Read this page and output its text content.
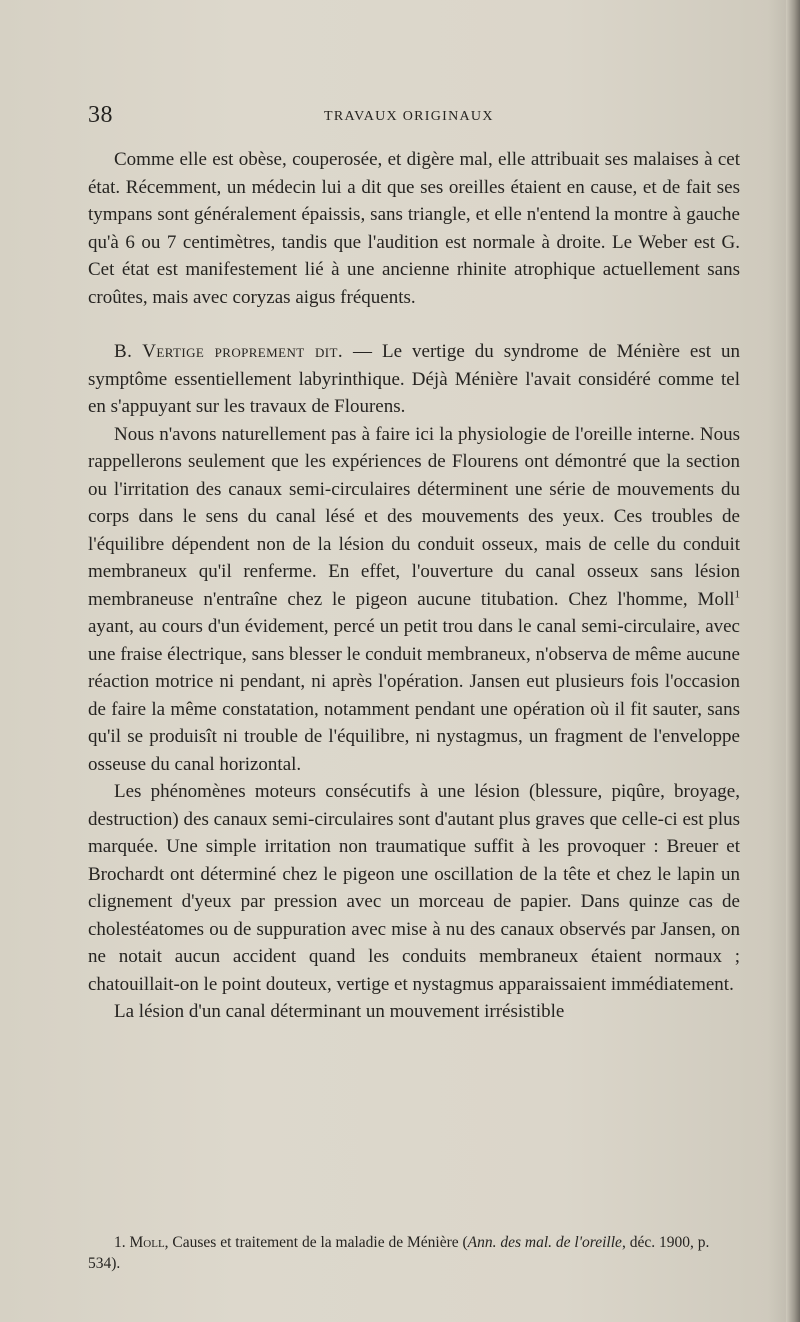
38	TRAVAUX ORIGINAUX

Comme elle est obèse, couperosée, et digère mal, elle attribuait ses malaises à cet état. Récemment, un médecin lui a dit que ses oreilles étaient en cause, et de fait ses tympans sont généralement épaissis, sans triangle, et elle n'entend la montre à gauche qu'à 6 ou 7 centimètres, tandis que l'audition est normale à droite. Le Weber est G. Cet état est manifestement lié à une ancienne rhinite atrophique actuellement sans croûtes, mais avec coryzas aigus fréquents.

B. Vertige proprement dit. — Le vertige du syndrome de Ménière est un symptôme essentiellement labyrinthique. Déjà Ménière l'avait considéré comme tel en s'appuyant sur les travaux de Flourens.

Nous n'avons naturellement pas à faire ici la physiologie de l'oreille interne. Nous rappellerons seulement que les expériences de Flourens ont démontré que la section ou l'irritation des canaux semi-circulaires déterminent une série de mouvements du corps dans le sens du canal lésé et des mouvements des yeux. Ces troubles de l'équilibre dépendent non de la lésion du conduit osseux, mais de celle du conduit membraneux qu'il renferme. En effet, l'ouverture du canal osseux sans lésion membraneuse n'entraîne chez le pigeon aucune titubation. Chez l'homme, Moll$^1$ ayant, au cours d'un évidement, percé un petit trou dans le canal semi-circulaire, avec une fraise électrique, sans blesser le conduit membraneux, n'observa de même aucune réaction motrice ni pendant, ni après l'opération. Jansen eut plusieurs fois l'occasion de faire la même constatation, notamment pendant une opération où il fit sauter, sans qu'il se produisît ni trouble de l'équilibre, ni nystagmus, un fragment de l'enveloppe osseuse du canal horizontal.

Les phénomènes moteurs consécutifs à une lésion (blessure, piqûre, broyage, destruction) des canaux semi-circulaires sont d'autant plus graves que celle-ci est plus marquée. Une simple irritation non traumatique suffit à les provoquer : Breuer et Brochardt ont déterminé chez le pigeon une oscillation de la tête et chez le lapin un clignement d'yeux par pression avec un morceau de papier. Dans quinze cas de cholestéatomes ou de suppuration avec mise à nu des canaux observés par Jansen, on ne notait aucun accident quand les conduits membraneux étaient normaux ; chatouillait-on le point douteux, vertige et nystagmus apparaissaient immédiatement.

La lésion d'un canal déterminant un mouvement irrésistible

1. Moll, Causes et traitement de la maladie de Ménière (Ann. des mal. de l'oreille, déc. 1900, p. 534).
